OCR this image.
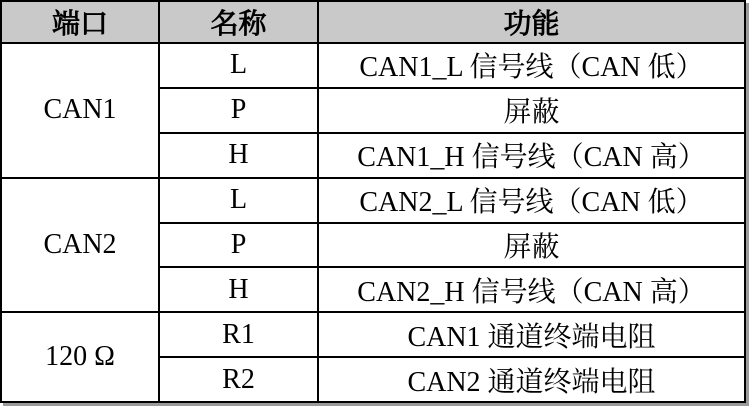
端口	名称	功能
CAN1	L	CAN1_L 信号线（CAN 低）
	P	屏蔽
	H	CAN1_H 信号线（CAN 高）
CAN2	L	CAN2_L 信号线（CAN 低）
	P	屏蔽
	H	CAN2_H 信号线（CAN 高）
120 Ω	R1	CAN1 通道终端电阻
	R2	CAN2 通道终端电阻
